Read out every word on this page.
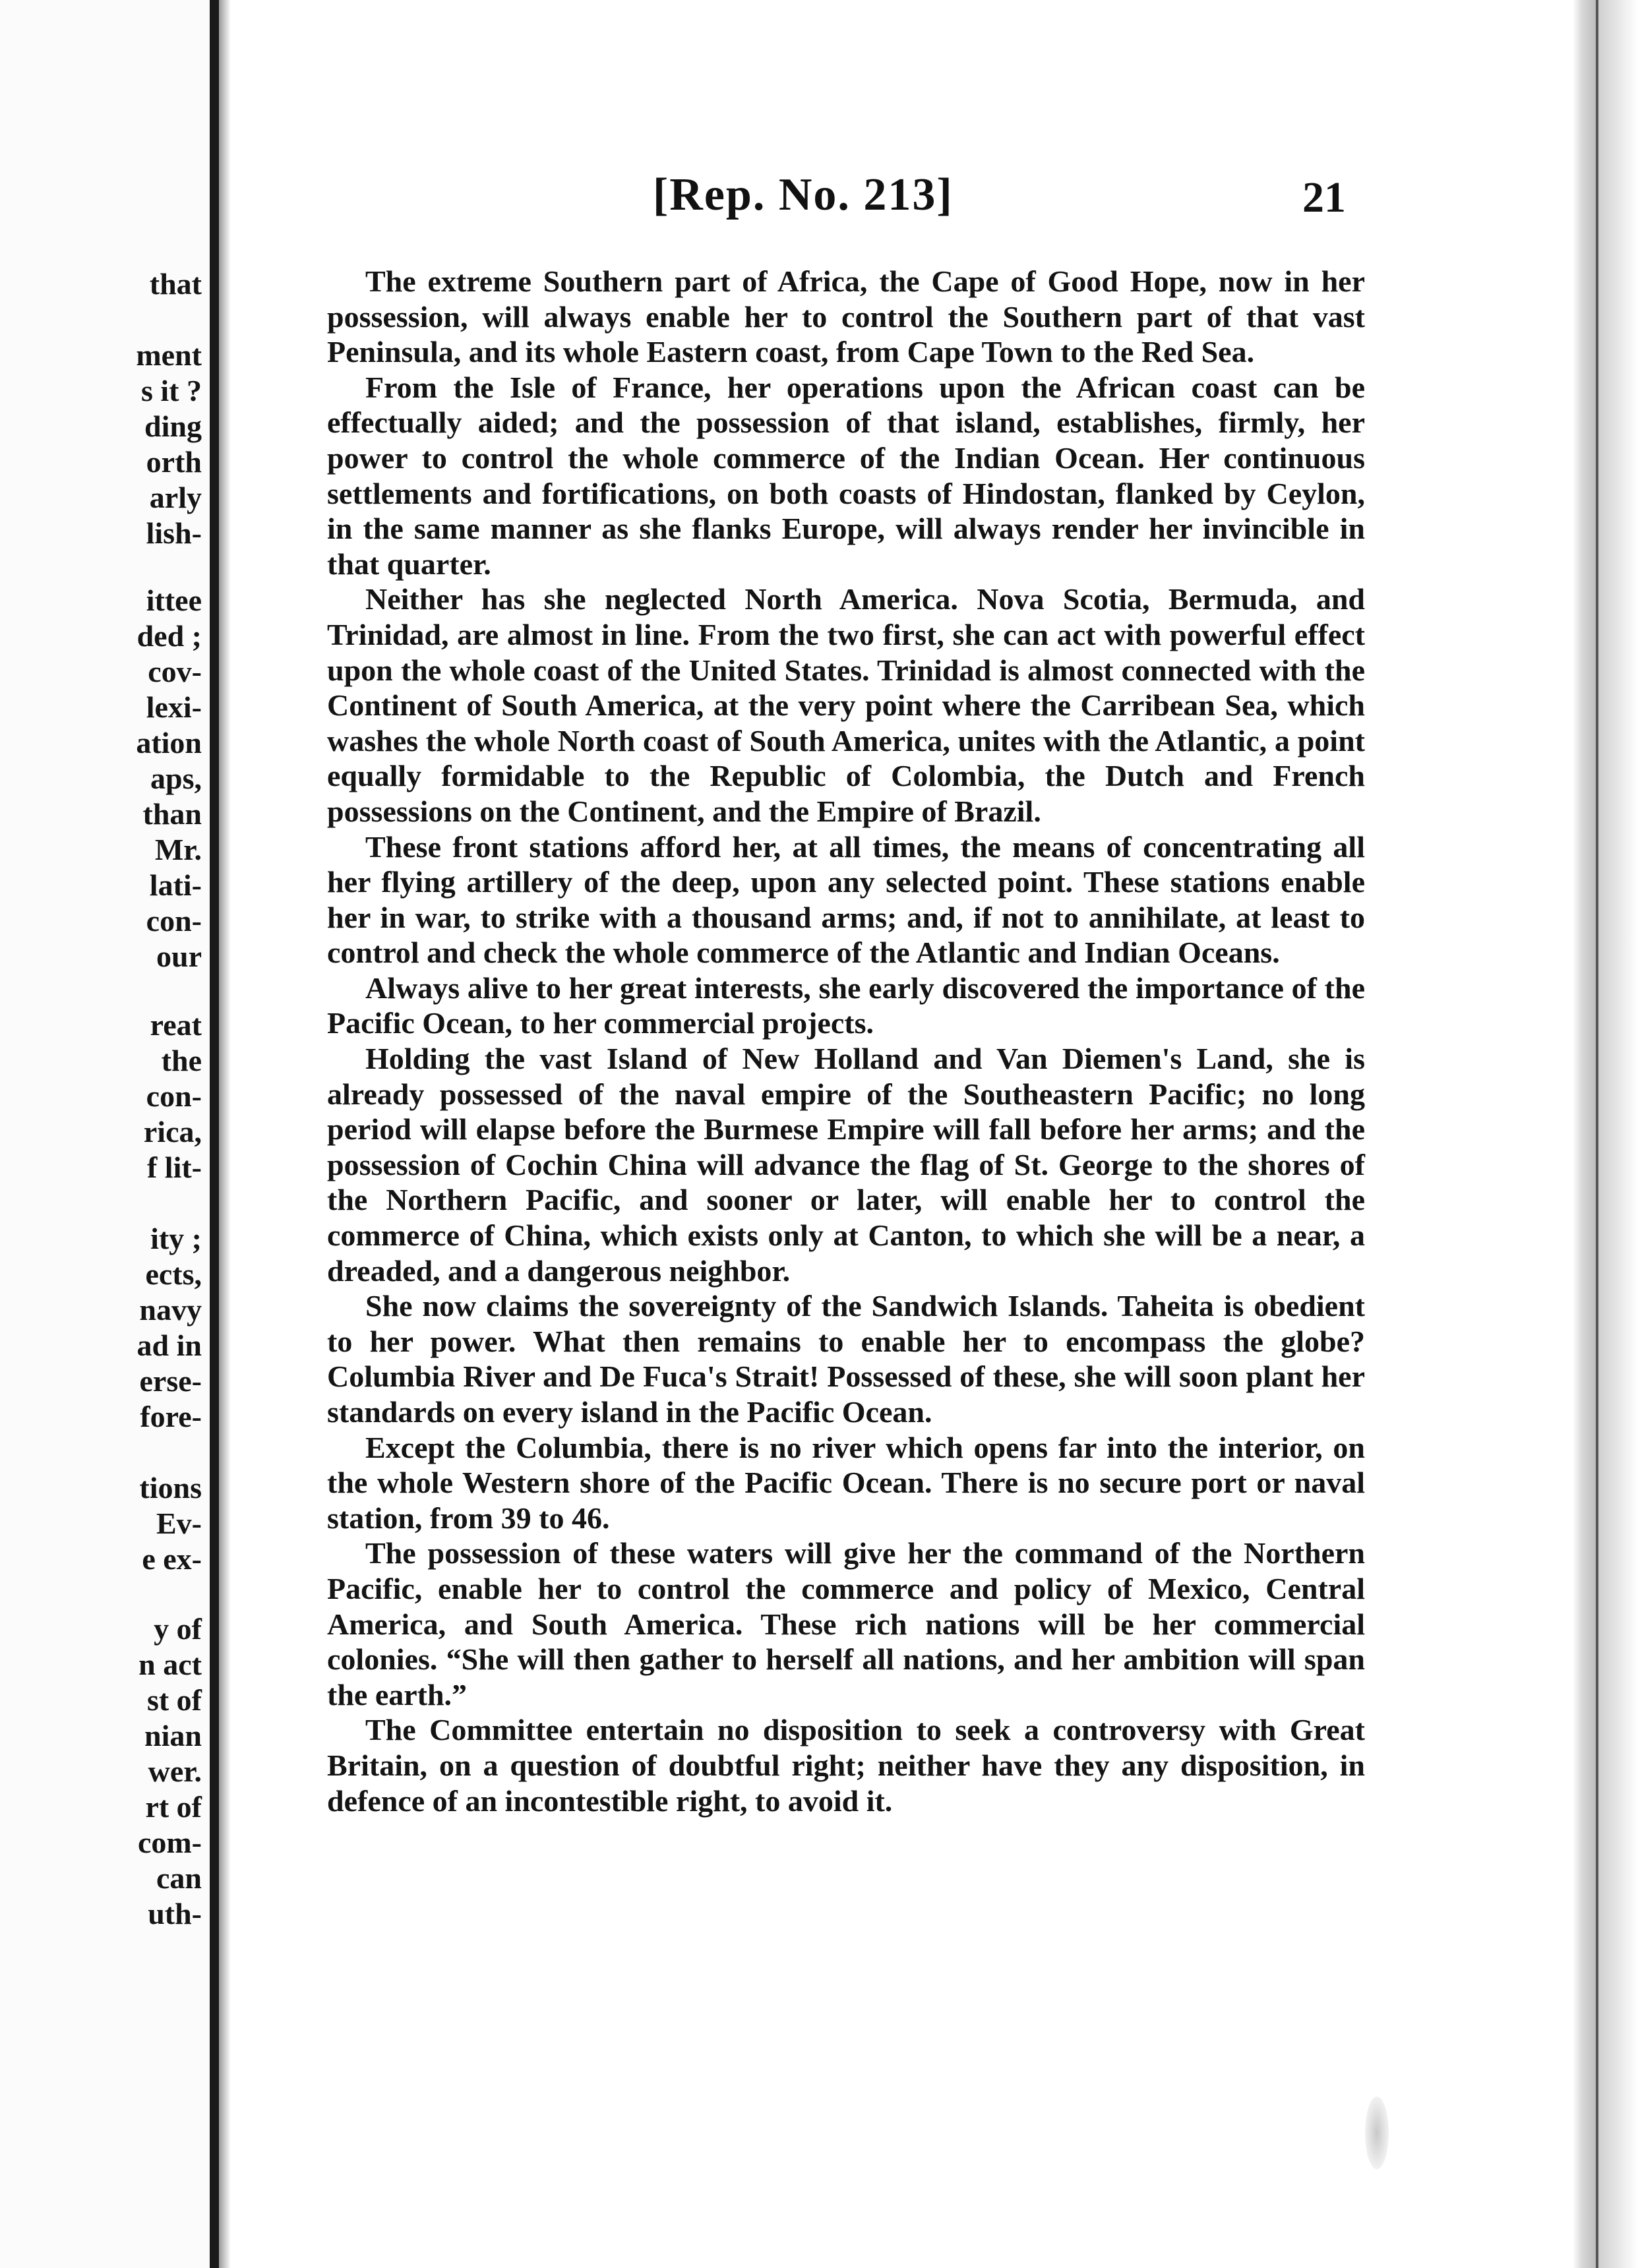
that
ment
s it ?
ding
orth
arly
lish-
ittee
ded ;
cov-
lexi-
ation
aps,
than
Mr.
lati-
con-
our
reat
the
con-
rica,
f lit-
ity ;
ects,
navy
ad in
erse-
fore-
tions
Ev-
e ex-
y of
n act
st of
nian
wer.
rt of
com-
can
uth-
[Rep. No. 213]	21

The extreme Southern part of Africa, the Cape of Good Hope, now in her possession, will always enable her to control the Southern part of that vast Peninsula, and its whole Eastern coast, from Cape Town to the Red Sea.

From the Isle of France, her operations upon the African coast can be effectually aided; and the possession of that island, establishes, firmly, her power to control the whole commerce of the Indian Ocean. Her continuous settlements and fortifications, on both coasts of Hindostan, flanked by Ceylon, in the same manner as she flanks Europe, will always render her invincible in that quarter.

Neither has she neglected North America. Nova Scotia, Bermuda, and Trinidad, are almost in line. From the two first, she can act with powerful effect upon the whole coast of the United States. Trinidad is almost connected with the Continent of South America, at the very point where the Carribean Sea, which washes the whole North coast of South America, unites with the Atlantic, a point equally formidable to the Republic of Colombia, the Dutch and French possessions on the Continent, and the Empire of Brazil.

These front stations afford her, at all times, the means of concentrating all her flying artillery of the deep, upon any selected point. These stations enable her in war, to strike with a thousand arms; and, if not to annihilate, at least to control and check the whole commerce of the Atlantic and Indian Oceans.

Always alive to her great interests, she early discovered the importance of the Pacific Ocean, to her commercial projects.

Holding the vast Island of New Holland and Van Diemen's Land, she is already possessed of the naval empire of the Southeastern Pacific; no long period will elapse before the Burmese Empire will fall before her arms; and the possession of Cochin China will advance the flag of St. George to the shores of the Northern Pacific, and sooner or later, will enable her to control the commerce of China, which exists only at Canton, to which she will be a near, a dreaded, and a dangerous neighbor.

She now claims the sovereignty of the Sandwich Islands. Taheita is obedient to her power. What then remains to enable her to encompass the globe? Columbia River and De Fuca's Strait! Possessed of these, she will soon plant her standards on every island in the Pacific Ocean.

Except the Columbia, there is no river which opens far into the interior, on the whole Western shore of the Pacific Ocean. There is no secure port or naval station, from 39 to 46.

The possession of these waters will give her the command of the Northern Pacific, enable her to control the commerce and policy of Mexico, Central America, and South America. These rich nations will be her commercial colonies. “She will then gather to herself all nations, and her ambition will span the earth.”

The Committee entertain no disposition to seek a controversy with Great Britain, on a question of doubtful right; neither have they any disposition, in defence of an incontestible right, to avoid it.
